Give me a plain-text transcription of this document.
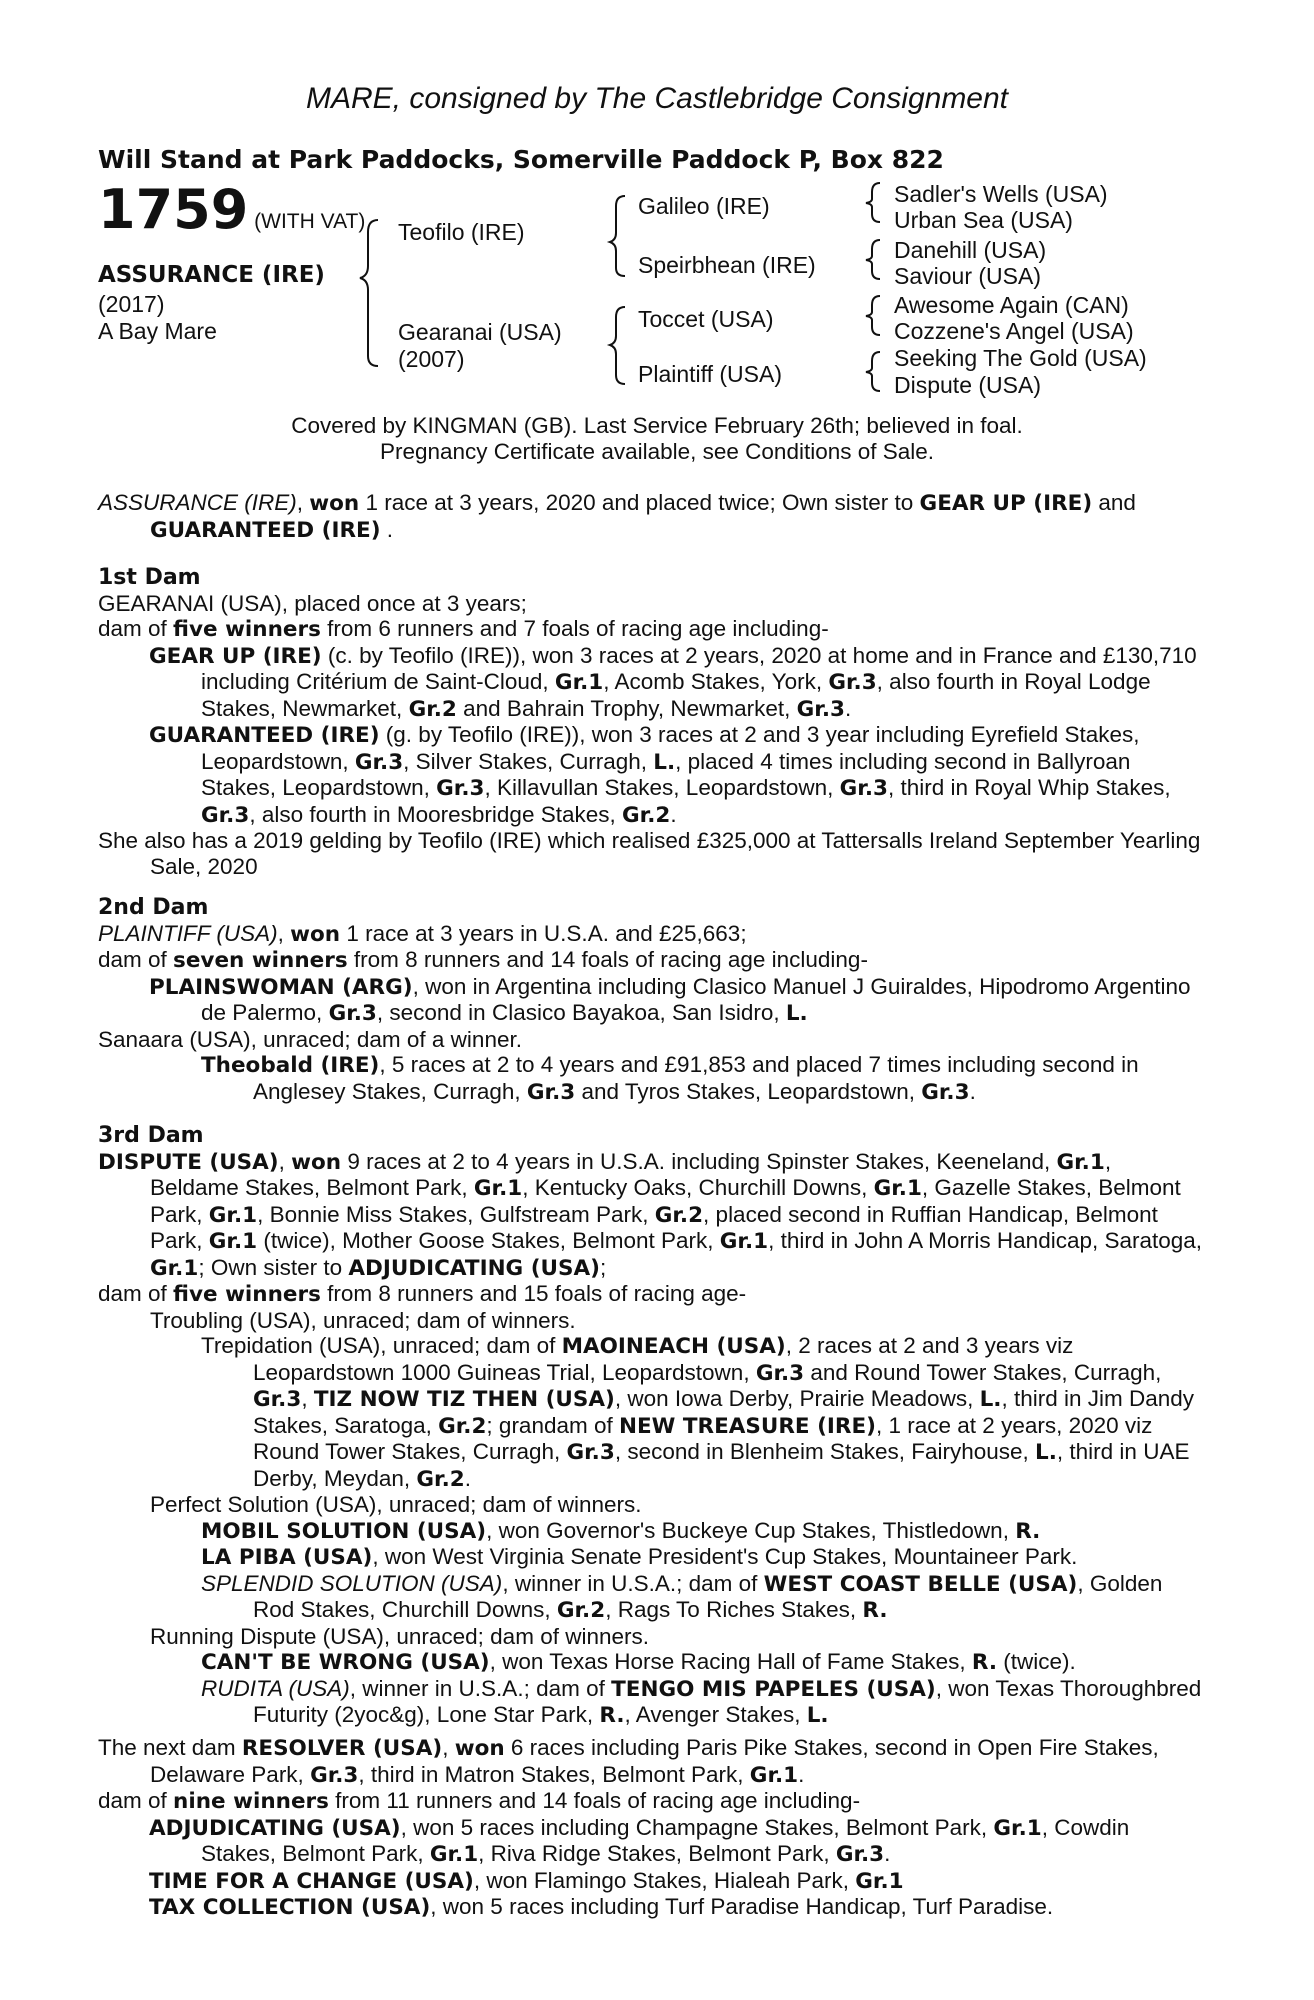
MARE, consigned by The Castlebridge Consignment
Will Stand at Park Paddocks, Somerville Paddock P, Box 822
1759 (WITH VAT)
ASSURANCE (IRE)
(2017)
A Bay Mare
Teofilo (IRE)
Gearanai (USA)
(2007)
Galileo (IRE)
Speirbhean (IRE)
Toccet (USA)
Plaintiff (USA)
Sadler's Wells (USA)
Urban Sea (USA)
Danehill (USA)
Saviour (USA)
Awesome Again (CAN)
Cozzene's Angel (USA)
Seeking The Gold (USA)
Dispute (USA)
Covered by KINGMAN (GB). Last Service February 26th; believed in foal.
Pregnancy Certificate available, see Conditions of Sale.
ASSURANCE (IRE), won 1 race at 3 years, 2020 and placed twice; Own sister to GEAR UP (IRE) and GUARANTEED (IRE) .
1st Dam
GEARANAI (USA), placed once at 3 years;
dam of five winners from 6 runners and 7 foals of racing age including-
GEAR UP (IRE) (c. by Teofilo (IRE)), won 3 races at 2 years, 2020 at home and in France and £130,710 including Critérium de Saint-Cloud, Gr.1, Acomb Stakes, York, Gr.3, also fourth in Royal Lodge Stakes, Newmarket, Gr.2 and Bahrain Trophy, Newmarket, Gr.3.
GUARANTEED (IRE) (g. by Teofilo (IRE)), won 3 races at 2 and 3 year including Eyrefield Stakes, Leopardstown, Gr.3, Silver Stakes, Curragh, L., placed 4 times including second in Ballyroan Stakes, Leopardstown, Gr.3, Killavullan Stakes, Leopardstown, Gr.3, third in Royal Whip Stakes, Gr.3, also fourth in Mooresbridge Stakes, Gr.2.
She also has a 2019 gelding by Teofilo (IRE) which realised £325,000 at Tattersalls Ireland September Yearling Sale, 2020
2nd Dam
PLAINTIFF (USA), won 1 race at 3 years in U.S.A. and £25,663;
dam of seven winners from 8 runners and 14 foals of racing age including-
PLAINSWOMAN (ARG), won in Argentina including Clasico Manuel J Guiraldes, Hipodromo Argentino de Palermo, Gr.3, second in Clasico Bayakoa, San Isidro, L.
Sanaara (USA), unraced; dam of a winner.
Theobald (IRE), 5 races at 2 to 4 years and £91,853 and placed 7 times including second in Anglesey Stakes, Curragh, Gr.3 and Tyros Stakes, Leopardstown, Gr.3.
3rd Dam
DISPUTE (USA), won 9 races at 2 to 4 years in U.S.A. including Spinster Stakes, Keeneland, Gr.1, Beldame Stakes, Belmont Park, Gr.1, Kentucky Oaks, Churchill Downs, Gr.1, Gazelle Stakes, Belmont Park, Gr.1, Bonnie Miss Stakes, Gulfstream Park, Gr.2, placed second in Ruffian Handicap, Belmont Park, Gr.1 (twice), Mother Goose Stakes, Belmont Park, Gr.1, third in John A Morris Handicap, Saratoga, Gr.1; Own sister to ADJUDICATING (USA);
dam of five winners from 8 runners and 15 foals of racing age-
Troubling (USA), unraced; dam of winners.
Trepidation (USA), unraced; dam of MAOINEACH (USA), 2 races at 2 and 3 years viz Leopardstown 1000 Guineas Trial, Leopardstown, Gr.3 and Round Tower Stakes, Curragh, Gr.3, TIZ NOW TIZ THEN (USA), won Iowa Derby, Prairie Meadows, L., third in Jim Dandy Stakes, Saratoga, Gr.2; grandam of NEW TREASURE (IRE), 1 race at 2 years, 2020 viz Round Tower Stakes, Curragh, Gr.3, second in Blenheim Stakes, Fairyhouse, L., third in UAE Derby, Meydan, Gr.2.
Perfect Solution (USA), unraced; dam of winners.
MOBIL SOLUTION (USA), won Governor's Buckeye Cup Stakes, Thistledown, R.
LA PIBA (USA), won West Virginia Senate President's Cup Stakes, Mountaineer Park.
SPLENDID SOLUTION (USA), winner in U.S.A.; dam of WEST COAST BELLE (USA), Golden Rod Stakes, Churchill Downs, Gr.2, Rags To Riches Stakes, R.
Running Dispute (USA), unraced; dam of winners.
CAN'T BE WRONG (USA), won Texas Horse Racing Hall of Fame Stakes, R. (twice).
RUDITA (USA), winner in U.S.A.; dam of TENGO MIS PAPELES (USA), won Texas Thoroughbred Futurity (2yoc&g), Lone Star Park, R., Avenger Stakes, L.
The next dam RESOLVER (USA), won 6 races including Paris Pike Stakes, second in Open Fire Stakes, Delaware Park, Gr.3, third in Matron Stakes, Belmont Park, Gr.1.
dam of nine winners from 11 runners and 14 foals of racing age including-
ADJUDICATING (USA), won 5 races including Champagne Stakes, Belmont Park, Gr.1, Cowdin Stakes, Belmont Park, Gr.1, Riva Ridge Stakes, Belmont Park, Gr.3.
TIME FOR A CHANGE (USA), won Flamingo Stakes, Hialeah Park, Gr.1
TAX COLLECTION (USA), won 5 races including Turf Paradise Handicap, Turf Paradise.
